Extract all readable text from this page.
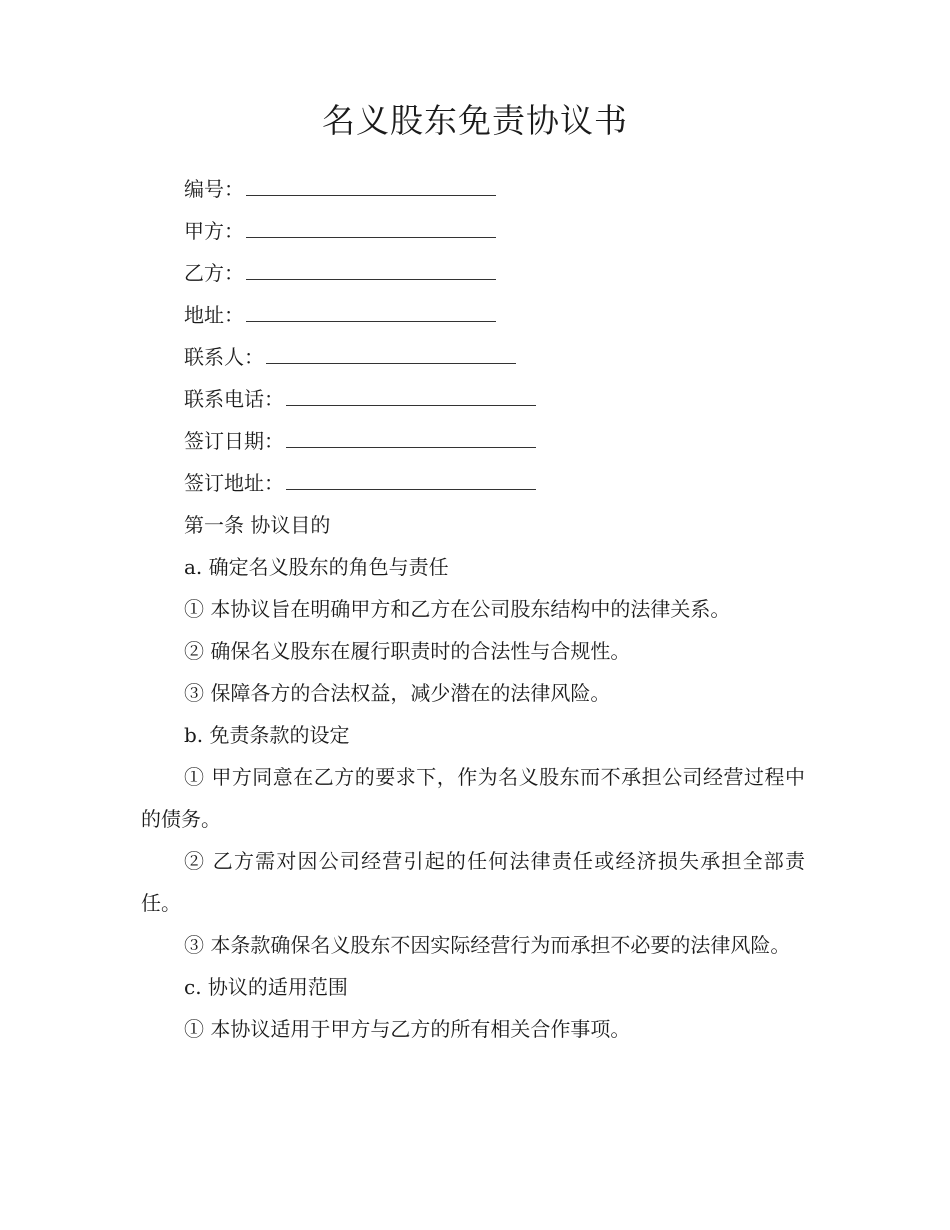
名义股东免责协议书
编号：
甲方：
乙方：
地址：
联系人：
联系电话：
签订日期：
签订地址：

第一条 协议目的

a. 确定名义股东的角色与责任

① 本协议旨在明确甲方和乙方在公司股东结构中的法律关系。

② 确保名义股东在履行职责时的合法性与合规性。

③ 保障各方的合法权益，减少潜在的法律风险。

b. 免责条款的设定

① 甲方同意在乙方的要求下，作为名义股东而不承担公司经营过程中的债务。

② 乙方需对因公司经营引起的任何法律责任或经济损失承担全部责任。

③ 本条款确保名义股东不因实际经营行为而承担不必要的法律风险。

c. 协议的适用范围

① 本协议适用于甲方与乙方的所有相关合作事项。
